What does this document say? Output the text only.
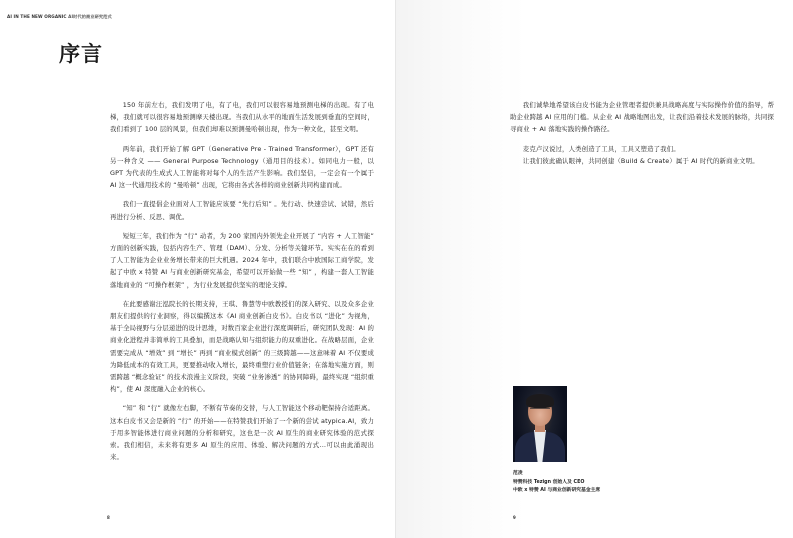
AI IN THE NEW ORGANIC AI时代的商业研究范式
序言

150 年前左右，我们发明了电，有了电，我们可以很容易地预测电梯的出现。有了电梯，我们就可以很容易地预测摩天楼出现。当我们从水平的地面生活发展到垂直的空间时，我们看到了 100 层的风景，但我们却难以预测曼哈顿出现，作为一种文化，甚至文明。

两年前，我们开始了解 GPT（Generative Pre - Trained Transformer），GPT 还有另一种含义 —— General Purpose Technology（通用目的技术）。如同电力一般，以 GPT 为代表的生成式人工智能将对每个人的生活产生影响。我们坚信，一定会有一个属于 AI 这一代通用技术的 “曼哈顿” 出现，它将由各式各样的商业创新共同构建而成。

我们一直提倡企业面对人工智能应该要 “先行后知” 。先行动、快速尝试、试错，然后再进行分析、反思、调优。

短短三年，我们作为 “行” 动者，为 200 家国内外领先企业开展了 “内容 + 人工智能” 方面的创新实践，包括内容生产、管理（DAM）、分发、分析等关键环节。实实在在的看到了人工智能为企业业务增长带来的巨大机遇。2024 年中，我们联合中欧国际工商学院，发起了中欧 x 特赞 AI 与商业创新研究基金，希望可以开始做一些 “知” ，构建一套人工智能落地商业的 “可操作框架” ，为行业发展提供坚实的理论支撑。

在此要感谢汪泓院长的长期支持，王琪、鲁慧等中欧教授们的深入研究、以及众多企业朋友们提供的行业洞察，得以编撰这本《AI 商业创新白皮书》。白皮书以 “进化” 为视角，基于全局视野与分层递进的设计思维，对数百家企业进行深度调研后，研究团队发现：AI 的商业化进程并非简单的工具叠加，而是战略认知与组织能力的双重进化。在战略层面，企业需要完成从 “增效” 到 “增长” 再到 “商业模式创新” 的三级跨越——这意味着 AI 不仅要成为降低成本的有效工具，更要推动收入增长，最终重塑行业价值链条；在落地实施方面，则需跨越 “概念验证” 的技术浪漫主义阶段，突破 “业务渗透” 的协同障碍，最终实现 “组织重构”，使 AI 深度融入企业的核心。

“知” 和 “行” 就像左右脚，不断有节奏的交替，与人工智能这个移动靶保持合适距离。这本白皮书又会是新的 “行” 的开始——在特赞我们开始了一个新的尝试 atypica.AI，致力于用多智能体进行商业问题的分析和研究，这也是一次 AI 原生的商业研究体验的范式探索。我们相信，未来将有更多 AI 原生的应用、体验、解决问题的方式…可以由此涌现出来。

8

我们诚挚地希望该白皮书能为企业管理者提供兼具战略高度与实际操作价值的指导，帮助企业跨越 AI 应用的门槛。从企业 AI 战略地图出发，让我们沿着技术发展的脉络，共同探寻商业 + AI 落地实践的操作路径。

麦克卢汉说过，人类创造了工具，工具又塑造了我们。

让我们彼此确认眼神，共同创建（Build & Create）属于 AI 时代的新商业文明。

范凌
特赞科技 Tezign 创始人及 CEO
中欧 x 特赞 AI 与商业创新研究基金主席
9
